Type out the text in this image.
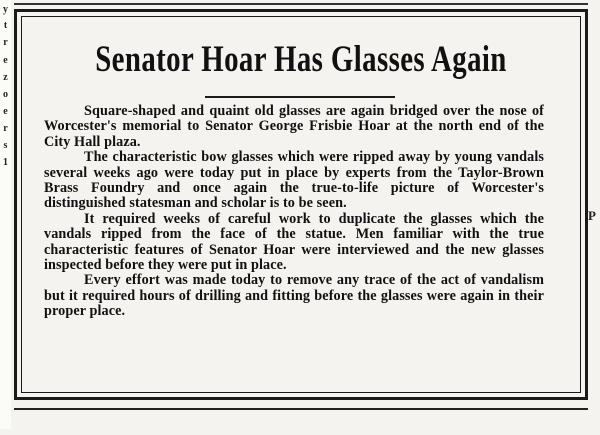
y
t
r
e
z
o
e
r
s
1
P
Senator Hoar Has Glasses Again

Square-shaped and quaint old glasses are again bridged over the nose of Worcester's memorial to Senator George Frisbie Hoar at the north end of the City Hall plaza.

The characteristic bow glasses which were ripped away by young vandals several weeks ago were today put in place by experts from the Taylor-Brown Brass Foundry and once again the true-to-life picture of Worcester's distinguished statesman and scholar is to be seen.

It required weeks of careful work to duplicate the glasses which the vandals ripped from the face of the statue. Men familiar with the true characteristic features of Senator Hoar were interviewed and the new glasses inspected before they were put in place.

Every effort was made today to remove any trace of the act of vandalism but it required hours of drilling and fitting before the glasses were again in their proper place.
